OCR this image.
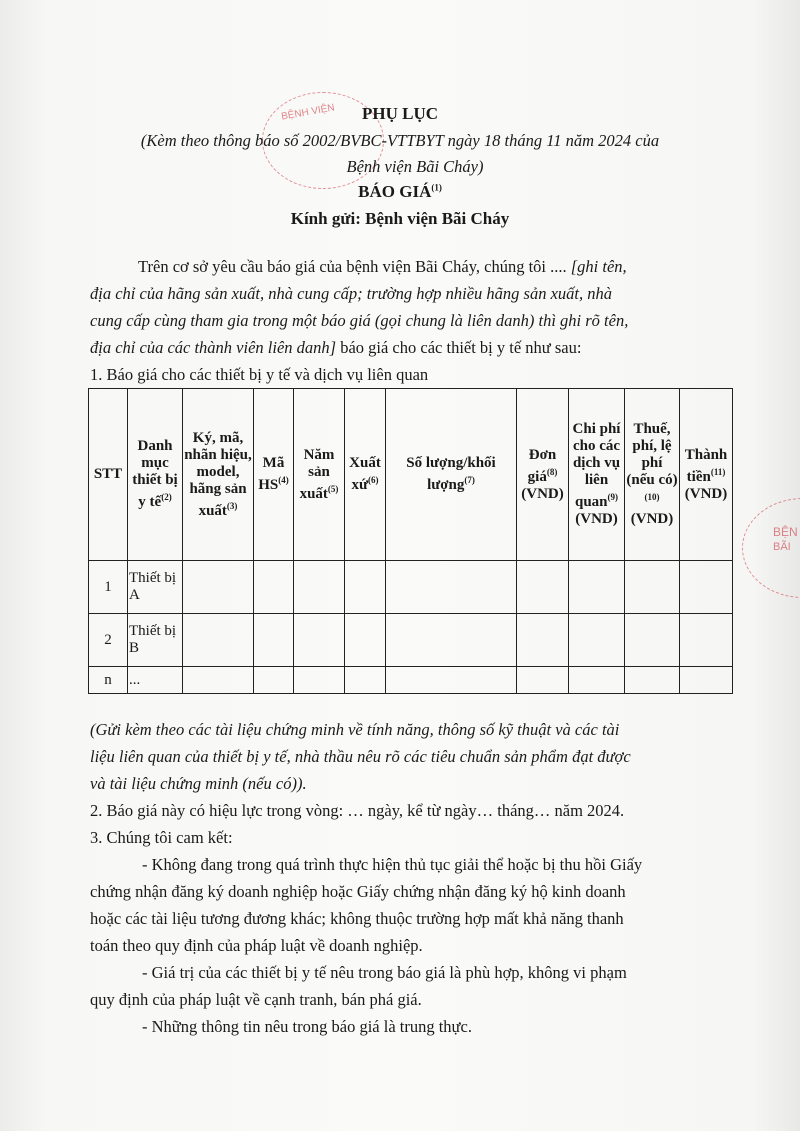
BỆNH VIỆN
BỆN
BÃI
PHỤ LỤC
(Kèm theo thông báo số 2002/BVBC-VTTBYT ngày 18 tháng 11 năm 2024 của
Bệnh viện Bãi Cháy)
BÁO GIÁ$^{(1)}$
Kính gửi: Bệnh viện Bãi Cháy
Trên cơ sở yêu cầu báo giá của bệnh viện Bãi Cháy, chúng tôi .... [ghi tên,
địa chỉ của hãng sản xuất, nhà cung cấp; trường hợp nhiều hãng sản xuất, nhà
cung cấp cùng tham gia trong một báo giá (gọi chung là liên danh) thì ghi rõ tên,
địa chỉ của các thành viên liên danh] báo giá cho các thiết bị y tế như sau:
1. Báo giá cho các thiết bị y tế và dịch vụ liên quan
STT	Danh mục thiết bị y tế$^{(2)}$	Ký, mã, nhãn hiệu, model, hãng sản xuất$^{(3)}$	Mã HS$^{(4)}$	Năm sản xuất$^{(5)}$	Xuất xứ$^{(6)}$	Số lượng/khối lượng$^{(7)}$	Đơn giá$^{(8)}$ (VND)	Chi phí cho các dịch vụ liên quan$^{(9)}$ (VND)	Thuế, phí, lệ phí (nếu có)$^{(10)}$ (VND)	Thành tiền$^{(11)}$ (VND)
1	Thiết bị A									
2	Thiết bị B									
n	...									
(Gửi kèm theo các tài liệu chứng minh về tính năng, thông số kỹ thuật và các tài
liệu liên quan của thiết bị y tế, nhà thầu nêu rõ các tiêu chuẩn sản phẩm đạt được
và tài liệu chứng minh (nếu có)).
2. Báo giá này có hiệu lực trong vòng: … ngày, kể từ ngày… tháng… năm 2024.
3. Chúng tôi cam kết:
- Không đang trong quá trình thực hiện thủ tục giải thể hoặc bị thu hồi Giấy
chứng nhận đăng ký doanh nghiệp hoặc Giấy chứng nhận đăng ký hộ kinh doanh
hoặc các tài liệu tương đương khác; không thuộc trường hợp mất khả năng thanh
toán theo quy định của pháp luật về doanh nghiệp.
- Giá trị của các thiết bị y tế nêu trong báo giá là phù hợp, không vi phạm
quy định của pháp luật về cạnh tranh, bán phá giá.
- Những thông tin nêu trong báo giá là trung thực.
